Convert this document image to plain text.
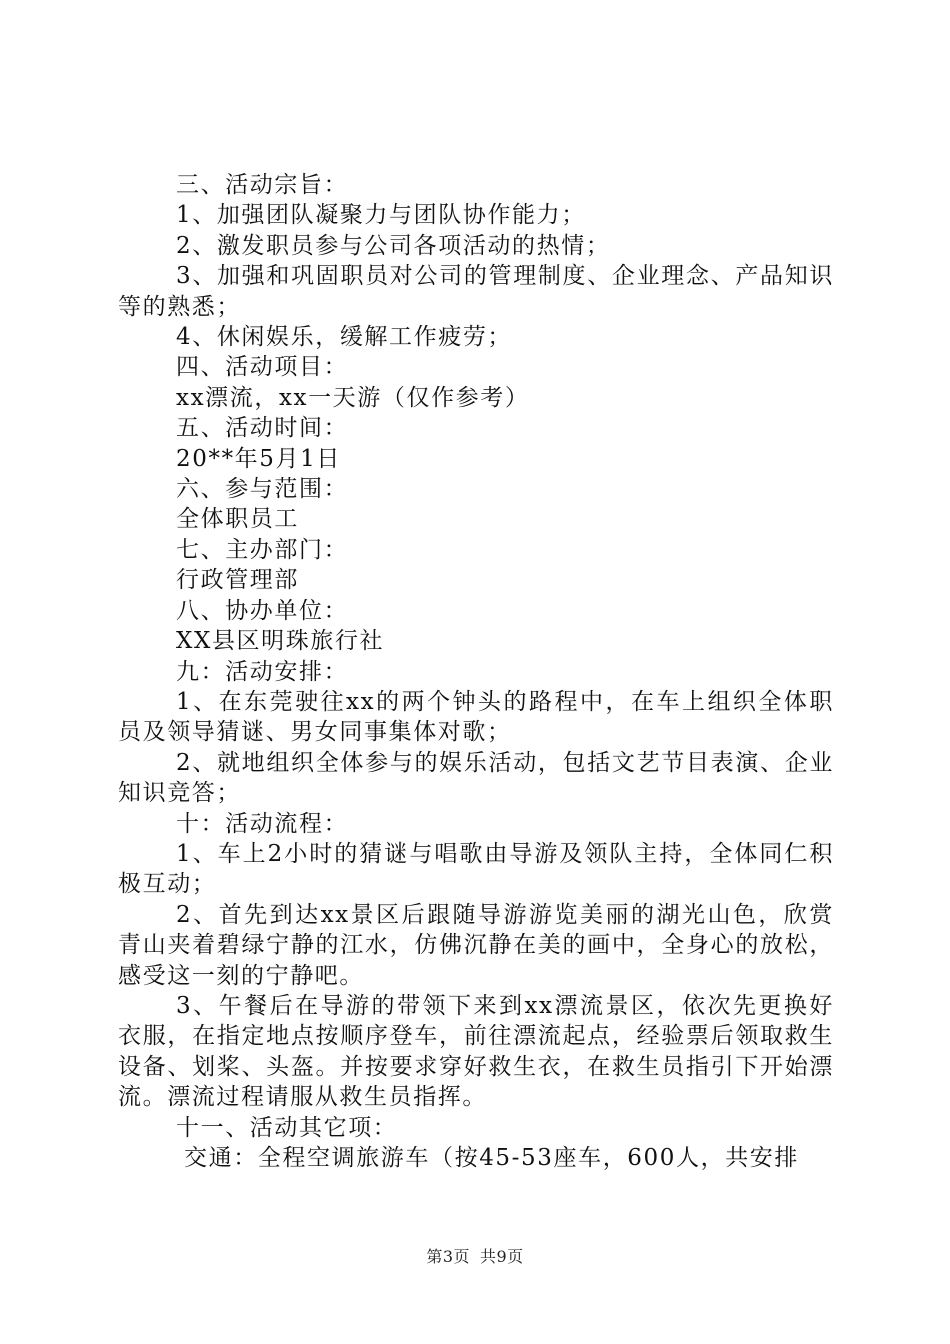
三、活动宗旨：

1、加强团队凝聚力与团队协作能力；

2、激发职员参与公司各项活动的热情；

3、加强和巩固职员对公司的管理制度、企业理念、产品知识等的熟悉；

4、休闲娱乐，缓解工作疲劳；

四、活动项目：

xx漂流，xx一天游（仅作参考）

五、活动时间：

20**年5月1日

六、参与范围：

全体职员工

七、主办部门：

行政管理部

八、协办单位：

XX县区明珠旅行社

九：活动安排：

1、在东莞驶往xx的两个钟头的路程中，在车上组织全体职员及领导猜谜、男女同事集体对歌；

2、就地组织全体参与的娱乐活动，包括文艺节目表演、企业知识竞答；

十：活动流程：

1、车上2小时的猜谜与唱歌由导游及领队主持，全体同仁积极互动；

2、首先到达xx景区后跟随导游游览美丽的湖光山色，欣赏青山夹着碧绿宁静的江水，仿佛沉静在美的画中，全身心的放松，感受这一刻的宁静吧。

3、午餐后在导游的带领下来到xx漂流景区，依次先更换好衣服，在指定地点按顺序登车，前往漂流起点，经验票后领取救生设备、划桨、头盔。并按要求穿好救生衣，在救生员指引下开始漂流。漂流过程请服从救生员指挥。

十一、活动其它项：

交通：全程空调旅游车（按45-53座车，600人，共安排

第3页 共9页
